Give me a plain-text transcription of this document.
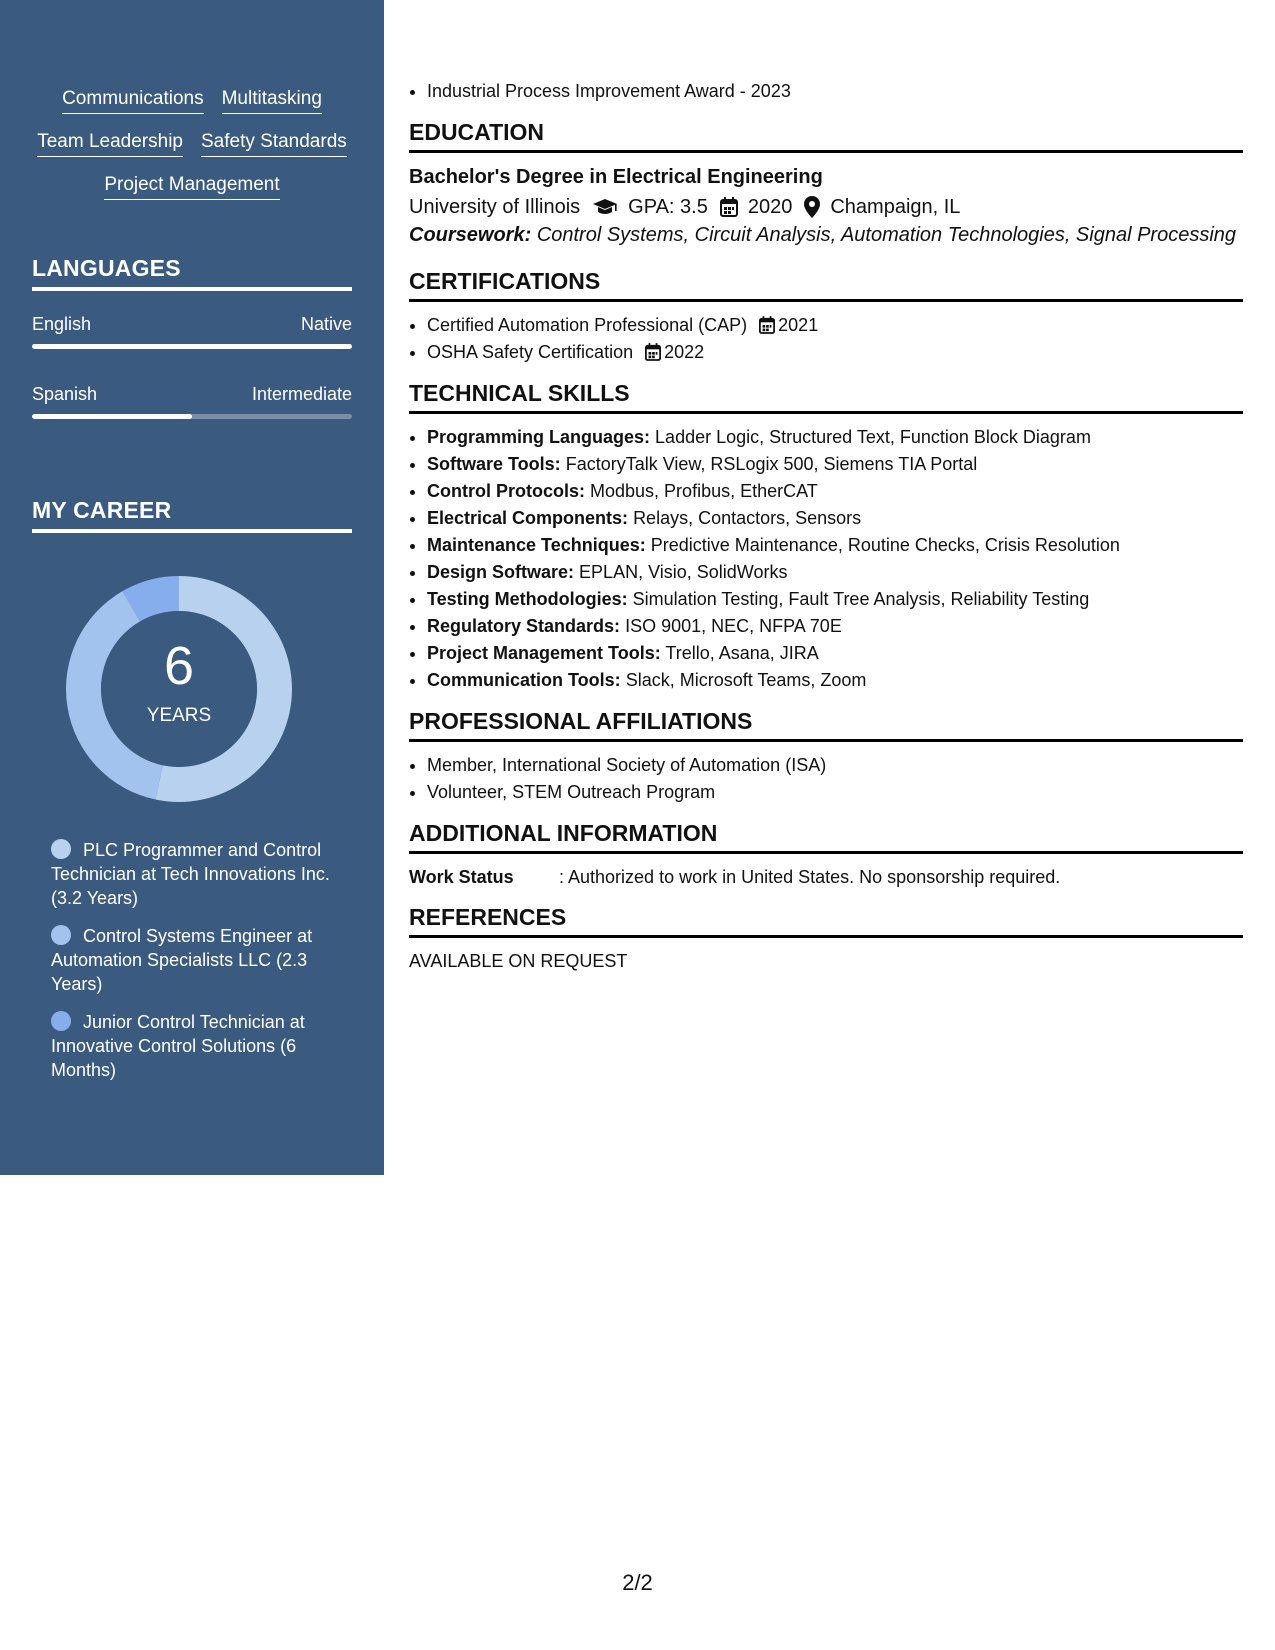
Communications Multitasking
Team Leadership Safety Standards
Project Management
LANGUAGES
English	Native
Spanish	Intermediate
MY CAREER
6
YEARS
PLC Programmer and Control Technician at Tech Innovations Inc. (3.2 Years)
Control Systems Engineer at Automation Specialists LLC (2.3 Years)
Junior Control Technician at Innovative Control Solutions (6 Months)
• Industrial Process Improvement Award - 2023
EDUCATION
Bachelor's Degree in Electrical Engineering
University of Illinois GPA: 3.5 2020 Champaign, IL
Coursework: Control Systems, Circuit Analysis, Automation Technologies, Signal Processing
CERTIFICATIONS
• Certified Automation Professional (CAP) 2021
• OSHA Safety Certification 2022
TECHNICAL SKILLS
• Programming Languages: Ladder Logic, Structured Text, Function Block Diagram
• Software Tools: FactoryTalk View, RSLogix 500, Siemens TIA Portal
• Control Protocols: Modbus, Profibus, EtherCAT
• Electrical Components: Relays, Contactors, Sensors
• Maintenance Techniques: Predictive Maintenance, Routine Checks, Crisis Resolution
• Design Software: EPLAN, Visio, SolidWorks
• Testing Methodologies: Simulation Testing, Fault Tree Analysis, Reliability Testing
• Regulatory Standards: ISO 9001, NEC, NFPA 70E
• Project Management Tools: Trello, Asana, JIRA
• Communication Tools: Slack, Microsoft Teams, Zoom
PROFESSIONAL AFFILIATIONS
• Member, International Society of Automation (ISA)
• Volunteer, STEM Outreach Program
ADDITIONAL INFORMATION
Work Status	: Authorized to work in United States. No sponsorship required.
REFERENCES
AVAILABLE ON REQUEST
2/2
